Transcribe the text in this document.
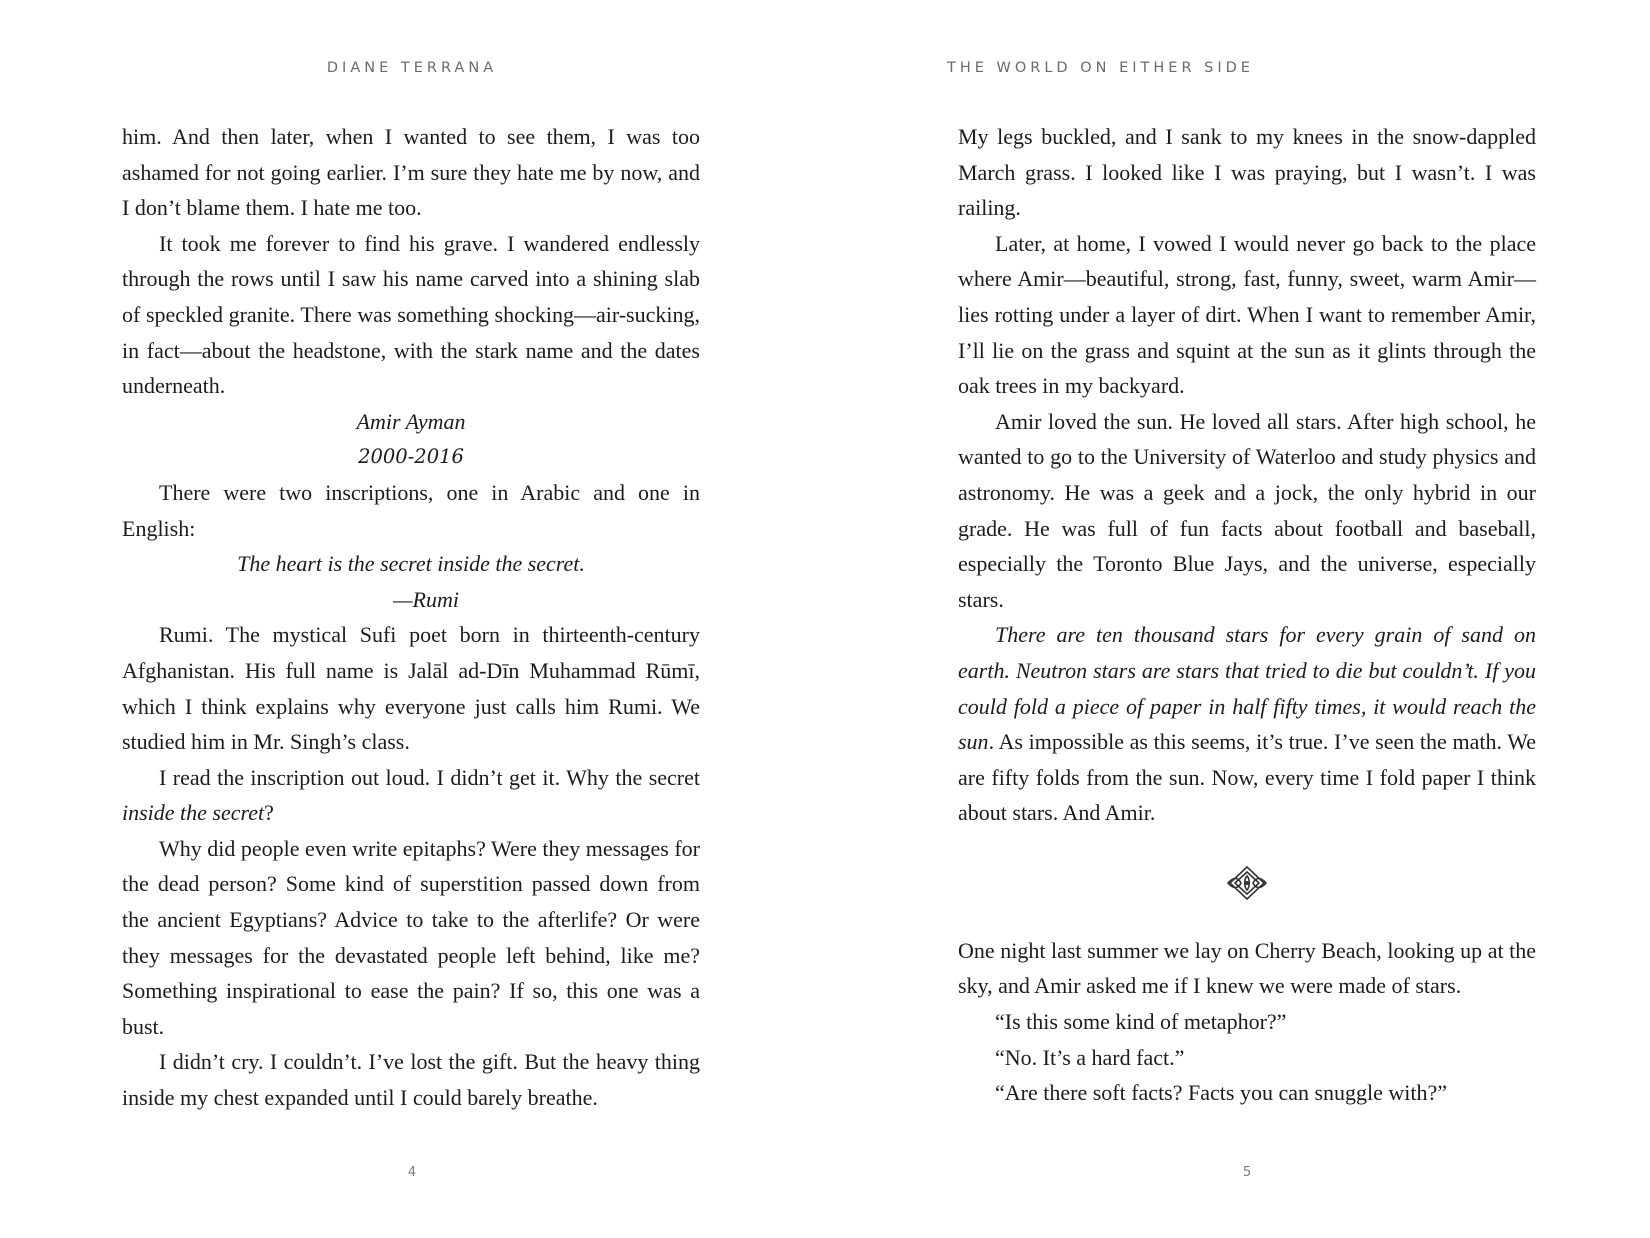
DIANE TERRANA

him. And then later, when I wanted to see them, I was too ashamed for not going earlier. I’m sure they hate me by now, and I don’t blame them. I hate me too.

It took me forever to find his grave. I wandered endlessly through the rows until I saw his name carved into a shining slab of speckled granite. There was something shocking—air-sucking, in fact—about the headstone, with the stark name and the dates underneath.

Amir Ayman

2000-2016

There were two inscriptions, one in Arabic and one in English:

The heart is the secret inside the secret.

—Rumi

Rumi. The mystical Sufi poet born in thirteenth-century Afghanistan. His full name is Jalāl ad-Dīn Muhammad Rūmī, which I think explains why everyone just calls him Rumi. We studied him in Mr. Singh’s class.

I read the inscription out loud. I didn’t get it. Why the secret inside the secret?

Why did people even write epitaphs? Were they messages for the dead person? Some kind of superstition passed down from the ancient Egyptians? Advice to take to the afterlife? Or were they messages for the devastated people left behind, like me? Something inspirational to ease the pain? If so, this one was a bust.

I didn’t cry. I couldn’t. I’ve lost the gift. But the heavy thing inside my chest expanded until I could barely breathe.

4
THE WORLD ON EITHER SIDE

My legs buckled, and I sank to my knees in the snow-dappled March grass. I looked like I was praying, but I wasn’t. I was railing.

Later, at home, I vowed I would never go back to the place where Amir—beautiful, strong, fast, funny, sweet, warm Amir—lies rotting under a layer of dirt. When I want to remember Amir, I’ll lie on the grass and squint at the sun as it glints through the oak trees in my backyard.

Amir loved the sun. He loved all stars. After high school, he wanted to go to the University of Waterloo and study physics and astronomy. He was a geek and a jock, the only hybrid in our grade. He was full of fun facts about football and baseball, especially the Toronto Blue Jays, and the universe, especially stars.

There are ten thousand stars for every grain of sand on earth. Neutron stars are stars that tried to die but couldn’t. If you could fold a piece of paper in half fifty times, it would reach the sun. As impossible as this seems, it’s true. I’ve seen the math. We are fifty folds from the sun. Now, every time I fold paper I think about stars. And Amir.

One night last summer we lay on Cherry Beach, looking up at the sky, and Amir asked me if I knew we were made of stars.

“Is this some kind of metaphor?”

“No. It’s a hard fact.”

“Are there soft facts? Facts you can snuggle with?”

5
